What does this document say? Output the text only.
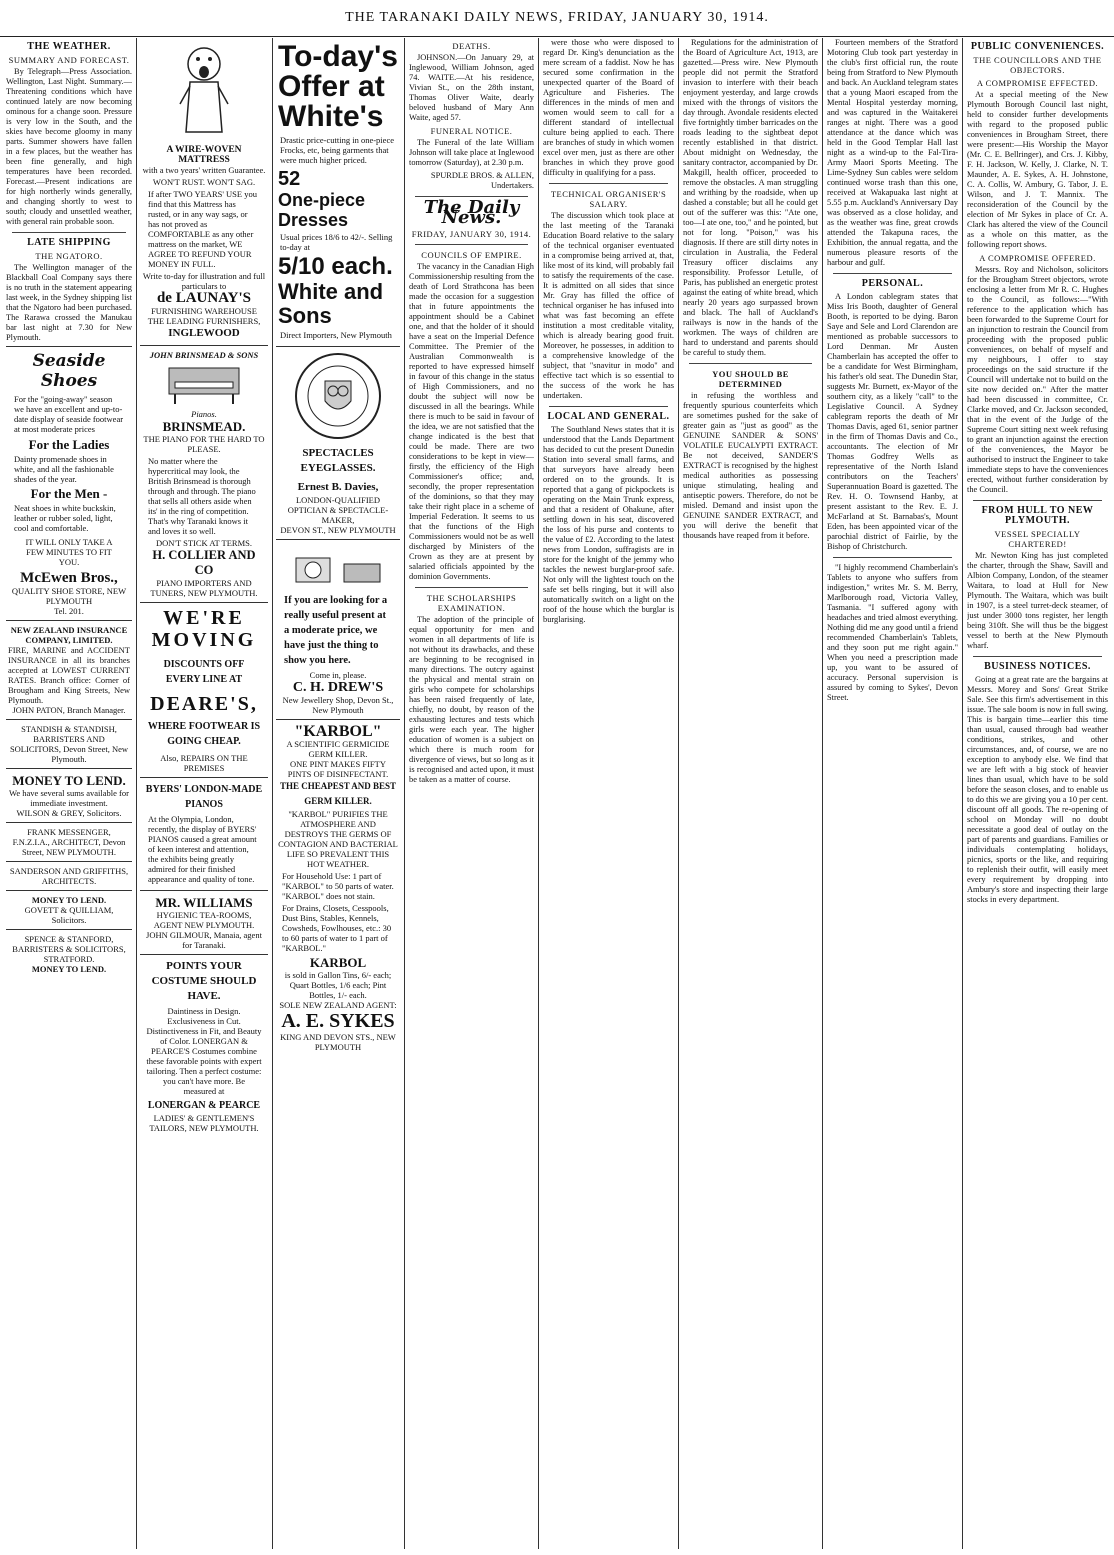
THE TARANAKI DAILY NEWS, FRIDAY, JANUARY 30, 1914.
THE WEATHER.
SUMMARY AND FORECAST.

By Telegraph—Press Association. Wellington, Last Night. Summary.—Threatening conditions which have continued lately are now becoming ominous for a change soon. Pressure is very low in the South, and the skies have become gloomy in many parts. Summer showers have fallen in a few places, but the weather has been fine generally, and high temperatures have been recorded. Forecast.—Present indications are for high northerly winds generally, and changing shortly to west to south; cloudy and unsettled weather, with general rain probable soon.

LATE SHIPPING
THE NGATORO.

The Wellington manager of the Blackball Coal Company says there is no truth in the statement appearing last week, in the Sydney shipping list that the Ngatoro had been purchased. The Rarawa crossed the Manukau bar last night at 7.30 for New Plymouth.

Seaside Shoes
For the "going-away" season we have an excellent and up-to-date display of seaside footwear at most moderate prices
For the Ladies
Dainty promenade shoes in white, and all the fashionable shades of the year.
For the Men -
Neat shoes in white buckskin, leather or rubber soled, light, cool and comfortable.
IT WILL ONLY TAKE A FEW MINUTES TO FIT YOU.
McEwen Bros.,
QUALITY SHOE STORE, NEW PLYMOUTH
Tel. 201.
NEW ZEALAND INSURANCE COMPANY, LIMITED.
FIRE, MARINE and ACCIDENT INSURANCE in all its branches accepted at LOWEST CURRENT RATES. Branch office: Corner of Brougham and King Streets, New Plymouth.
JOHN PATON, Branch Manager.
STANDISH & STANDISH, BARRISTERS AND SOLICITORS, Devon Street, New Plymouth.
MONEY TO LEND.
We have several sums available for immediate investment.
WILSON & GREY, Solicitors.
FRANK MESSENGER, F.N.Z.I.A., ARCHITECT, Devon Street, NEW PLYMOUTH.
SANDERSON AND GRIFFITHS, ARCHITECTS.
MONEY TO LEND.
GOVETT & QUILLIAM, Solicitors.
SPENCE & STANFORD, BARRISTERS & SOLICITORS, STRATFORD.
MONEY TO LEND.
A WIRE-WOVEN MATTRESS
with a two years' written Guarantee.
WON'T RUST. WON'T SAG.
If after TWO YEARS' USE you find that this Mattress has rusted, or in any way sags, or has not proved as COMFORTABLE as any other mattress on the market, WE AGREE TO REFUND YOUR MONEY IN FULL.
Write to-day for illustration and full particulars to
de LAUNAY'S
FURNISHING WAREHOUSE THE LEADING FURNISHERS,
INGLEWOOD
JOHN BRINSMEAD & SONS
Pianos.
BRINSMEAD.
THE PIANO FOR THE HARD TO PLEASE.
No matter where the hypercritical may look, the British Brinsmead is thorough through and through. The piano that sells all others aside when its' in the ring of competition. That's why Taranaki knows it and loves it so well.
DON'T STICK AT TERMS.
H. COLLIER AND CO
PIANO IMPORTERS AND TUNERS, NEW PLYMOUTH.
WE'RE
MOVING
DISCOUNTS OFF EVERY LINE AT
DEARE'S,
WHERE FOOTWEAR IS GOING CHEAP.
Also, REPAIRS ON THE PREMISES
BYERS' LONDON-MADE PIANOS
At the Olympia, London, recently, the display of BYERS' PIANOS caused a great amount of keen interest and attention, the exhibits being greatly admired for their finished appearance and quality of tone.
MR. WILLIAMS
HYGIENIC TEA-ROOMS, AGENT NEW PLYMOUTH.
JOHN GILMOUR, Manaia, agent for Taranaki.
POINTS YOUR COSTUME SHOULD HAVE.
Daintiness in Design. Exclusiveness in Cut. Distinctiveness in Fit, and Beauty of Color. LONERGAN & PEARCE'S Costumes combine these favorable points with expert tailoring. Then a perfect costume: you can't have more. Be measured at
LONERGAN & PEARCE
LADIES' & GENTLEMEN'S TAILORS, NEW PLYMOUTH.
To-day's
Offer at
White's
Drastic price-cutting in one-piece Frocks, etc, being garments that were much higher priced.
52
One-piece Dresses
Usual prices 18/6 to 42/-. Selling to-day at
5/10 each.
White and Sons
Direct Importers, New Plymouth
SPECTACLES
EYEGLASSES.
Ernest B. Davies,
LONDON-QUALIFIED OPTICIAN & SPECTACLE-MAKER,
DEVON ST., NEW PLYMOUTH
If you are looking for a really useful present at a moderate price, we have just the thing to show you here.
Come in, please.
C. H. DREW'S
New Jewellery Shop, Devon St., New Plymouth
"KARBOL"
A SCIENTIFIC GERMICIDE GERM KILLER.
ONE PINT MAKES FIFTY PINTS OF DISINFECTANT.
THE CHEAPEST AND BEST GERM KILLER.
"KARBOL" PURIFIES THE ATMOSPHERE AND DESTROYS THE GERMS OF CONTAGION AND BACTERIAL LIFE SO PREVALENT THIS HOT WEATHER.
For Household Use: 1 part of "KARBOL" to 50 parts of water. "KARBOL" does not stain.
For Drains, Closets, Cesspools, Dust Bins, Stables, Kennels, Cowsheds, Fowlhouses, etc.: 30 to 60 parts of water to 1 part of "KARBOL."
KARBOL
is sold in Gallon Tins, 6/- each; Quart Bottles, 1/6 each; Pint Bottles, 1/- each.
SOLE NEW ZEALAND AGENT:
A. E. SYKES
KING AND DEVON STS., NEW PLYMOUTH
DEATHS.

JOHNSON.—On January 29, at Inglewood, William Johnson, aged 74. WAITE.—At his residence, Vivian St., on the 28th instant, Thomas Oliver Waite, dearly beloved husband of Mary Ann Waite, aged 57.

FUNERAL NOTICE.

The Funeral of the late William Johnson will take place at Inglewood tomorrow (Saturday), at 2.30 p.m.

SPURDLE BROS. & ALLEN, Undertakers.

The Daily News.
FRIDAY, JANUARY 30, 1914.
COUNCILS OF EMPIRE.

The vacancy in the Canadian High Commissionership resulting from the death of Lord Strathcona has been made the occasion for a suggestion that in future appointments the appointment should be a Cabinet one, and that the holder of it should have a seat on the Imperial Defence Committee. The Premier of the Australian Commonwealth is reported to have expressed himself in favour of this change in the status of High Commissioners, and no doubt the subject will now be discussed in all the bearings. While there is much to be said in favour of the idea, we are not satisfied that the change indicated is the best that could be made. There are two considerations to be kept in view—firstly, the efficiency of the High Commissioner's office; and, secondly, the proper representation of the dominions, so that they may take their right place in a scheme of Imperial Federation. It seems to us that the functions of the High Commissioners would not be as well discharged by Ministers of the Crown as they are at present by salaried officials appointed by the dominion Governments.

THE SCHOLARSHIPS EXAMINATION.

The adoption of the principle of equal opportunity for men and women in all departments of life is not without its drawbacks, and these are beginning to be recognised in many directions. The outcry against the physical and mental strain on girls who compete for scholarships has been raised frequently of late, chiefly, no doubt, by reason of the exhausting lectures and tests which girls were each year. The higher education of women is a subject on which there is much room for divergence of views, but so long as it is recognised and acted upon, it must be taken as a matter of course.

were those who were disposed to regard Dr. King's denunciation as the mere scream of a faddist. Now he has secured some confirmation in the unexpected quarter of the Board of Agriculture and Fisheries. The differences in the minds of men and women would seem to call for a different standard of intellectual culture being applied to each. There are branches of study in which women excel over men, just as there are other branches in which they prove good difficulty in qualifying for a pass.

TECHNICAL ORGANISER'S SALARY.

The discussion which took place at the last meeting of the Taranaki Education Board relative to the salary of the technical organiser eventuated in a compromise being arrived at, that, like most of its kind, will probably fail to satisfy the requirements of the case. It is admitted on all sides that since Mr. Gray has filled the office of technical organiser he has infused into what was fast becoming an effete institution a most creditable vitality, which is already bearing good fruit. Moreover, he possesses, in addition to a comprehensive knowledge of the subject, that "snavitur in modo" and effective tact which is so essential to the success of the work he has undertaken.

LOCAL AND GENERAL.

The Southland News states that it is understood that the Lands Department has decided to cut the present Dunedin Station into several small farms, and that surveyors have already been ordered on to the grounds. It is reported that a gang of pickpockets is operating on the Main Trunk express, and that a resident of Ohakune, after settling down in his seat, discovered the loss of his purse and contents to the value of £2. According to the latest news from London, suffragists are in store for the knight of the jemmy who tackles the newest burglar-proof safe. Not only will the lightest touch on the safe set bells ringing, but it will also automatically switch on a light on the roof of the house which the burglar is burglarising.

Regulations for the administration of the Board of Agriculture Act, 1913, are gazetted.—Press wire. New Plymouth people did not permit the Stratford invasion to interfere with their beach enjoyment yesterday, and large crowds mixed with the throngs of visitors the day through. Avondale residents elected five fortnightly timber barricades on the roads leading to the sightbeat depot recently established in that district. About midnight on Wednesday, the sanitary contractor, accompanied by Dr. Makgill, health officer, proceeded to remove the obstacles. A man struggling and writhing by the roadside, when up dashed a constable; but all he could get out of the sufferer was this: "Ate one, too—I ate one, too," and he pointed, but not for long. "Poison," was his diagnosis. If there are still dirty notes in circulation in Australia, the Federal Treasury officer disclaims any responsibility. Professor Letulle, of Paris, has published an energetic protest against the eating of white bread, which nearly 20 years ago surpassed brown and black. The hall of Auckland's railways is now in the hands of the workmen. The ways of children are hard to understand and parents should be careful to study them.

YOU SHOULD BE DETERMINED

in refusing the worthless and frequently spurious counterfeits which are sometimes pushed for the sake of greater gain as "just as good" as the GENUINE SANDER & SONS' VOLATILE EUCALYPTI EXTRACT. Be not deceived, SANDER'S EXTRACT is recognised by the highest medical authorities as possessing unique stimulating, healing and antiseptic powers. Therefore, do not be misled. Demand and insist upon the GENUINE SANDER EXTRACT, and you will derive the benefit that thousands have reaped from it before.

Fourteen members of the Stratford Motoring Club took part yesterday in the club's first official run, the route being from Stratford to New Plymouth and back. An Auckland telegram states that a young Maori escaped from the Mental Hospital yesterday morning, and was captured in the Waitakerei ranges at night. There was a good attendance at the dance which was held in the Good Templar Hall last night as a wind-up to the Fal-Tira-Army Maori Sports Meeting. The Lime-Sydney Sun cables were seldom continued worse trash than this one, received at Wakapuaka last night at 5.55 p.m. Auckland's Anniversary Day was observed as a close holiday, and as the weather was fine, great crowds attended the Takapuna races, the Exhibition, the annual regatta, and the numerous pleasure resorts of the harbour and gulf.

PERSONAL.

A London cablegram states that Miss Iris Booth, daughter of General Booth, is reported to be dying. Baron Saye and Sele and Lord Clarendon are mentioned as probable successors to Lord Denman. Mr Austen Chamberlain has accepted the offer to be a candidate for West Birmingham, his father's old seat. The Dunedin Star, suggests Mr. Burnett, ex-Mayor of the southern city, as a likely "call" to the Legislative Council. A Sydney cablegram reports the death of Mr Thomas Davis, aged 61, senior partner in the firm of Thomas Davis and Co., accountants. The election of Mr Thomas Godfrey Wells as representative of the North Island contributors on the Teachers' Superannuation Board is gazetted. The Rev. H. O. Townsend Hanby, at present assistant to the Rev. E. J. McFarland at St. Barnabas's, Mount Eden, has been appointed vicar of the parochial district of Fairlie, by the Bishop of Christchurch.

"I highly recommend Chamberlain's Tablets to anyone who suffers from indigestion," writes Mr. S. M. Berry, Marlborough road, Victoria Valley, Tasmania. "I suffered agony with headaches and tried almost everything. Nothing did me any good until a friend recommended Chamberlain's Tablets, and they soon put me right again." When you need a prescription made up, you want to be assured of accuracy. Personal supervision is assured by coming to Sykes', Devon Street.

PUBLIC CONVENIENCES.
THE COUNCILLORS AND THE OBJECTORS.
A COMPROMISE EFFECTED.

At a special meeting of the New Plymouth Borough Council last night, held to consider further developments with regard to the proposed public conveniences in Brougham Street, there were present:—His Worship the Mayor (Mr. C. E. Bellringer), and Crs. J. Kibby, F. H. Jackson, W. Kelly, J. Clarke, N. T. Maunder, A. E. Sykes, A. H. Johnstone, C. A. Collis, W. Ambury, G. Tabor, J. E. Wilson, and J. T. Mannix. The reconsideration of the Council by the election of Mr Sykes in place of Cr. A. Clark has altered the view of the Council as a whole on this matter, as the following report shows.

A COMPROMISE OFFERED.

Messrs. Roy and Nicholson, solicitors for the Brougham Street objectors, wrote enclosing a letter from Mr R. C. Hughes to the Council, as follows:—"With reference to the application which has been forwarded to the Supreme Court for an injunction to restrain the Council from proceeding with the proposed public conveniences, on behalf of myself and my neighbours, I offer to stay proceedings on the said structure if the Council will undertake not to build on the site now decided on." After the matter had been discussed in committee, Cr. Clarke moved, and Cr. Jackson seconded, that in the event of the Judge of the Supreme Court sitting next week refusing to grant an injunction against the erection of the conveniences, the Mayor be authorised to instruct the Engineer to take immediate steps to have the conveniences erected, without further consideration by the Council.

FROM HULL TO NEW PLYMOUTH.
VESSEL SPECIALLY CHARTERED!

Mr. Newton King has just completed the charter, through the Shaw, Savill and Albion Company, London, of the steamer Waitara, to load at Hull for New Plymouth. The Waitara, which was built in 1907, is a steel turret-deck steamer, of just under 3000 tons register, her length being 310ft. She will thus be the biggest vessel to berth at the New Plymouth wharf.

BUSINESS NOTICES.

Going at a great rate are the bargains at Messrs. Morey and Sons' Great Strike Sale. See this firm's advertisement in this issue. The sale boom is now in full swing. This is bargain time—earlier this time than usual, caused through bad weather conditions, strikes, and other circumstances, and, of course, we are no exception to anybody else. We find that we are left with a big stock of heavier lines than usual, which have to be sold before the season closes, and to enable us to do this we are giving you a 10 per cent. discount off all goods. The re-opening of school on Monday will no doubt necessitate a good deal of outlay on the part of parents and guardians. Families or individuals contemplating holidays, picnics, sports or the like, and requiring to replenish their outfit, will easily meet every requirement by dropping into Ambury's store and inspecting their large stocks in every department.
